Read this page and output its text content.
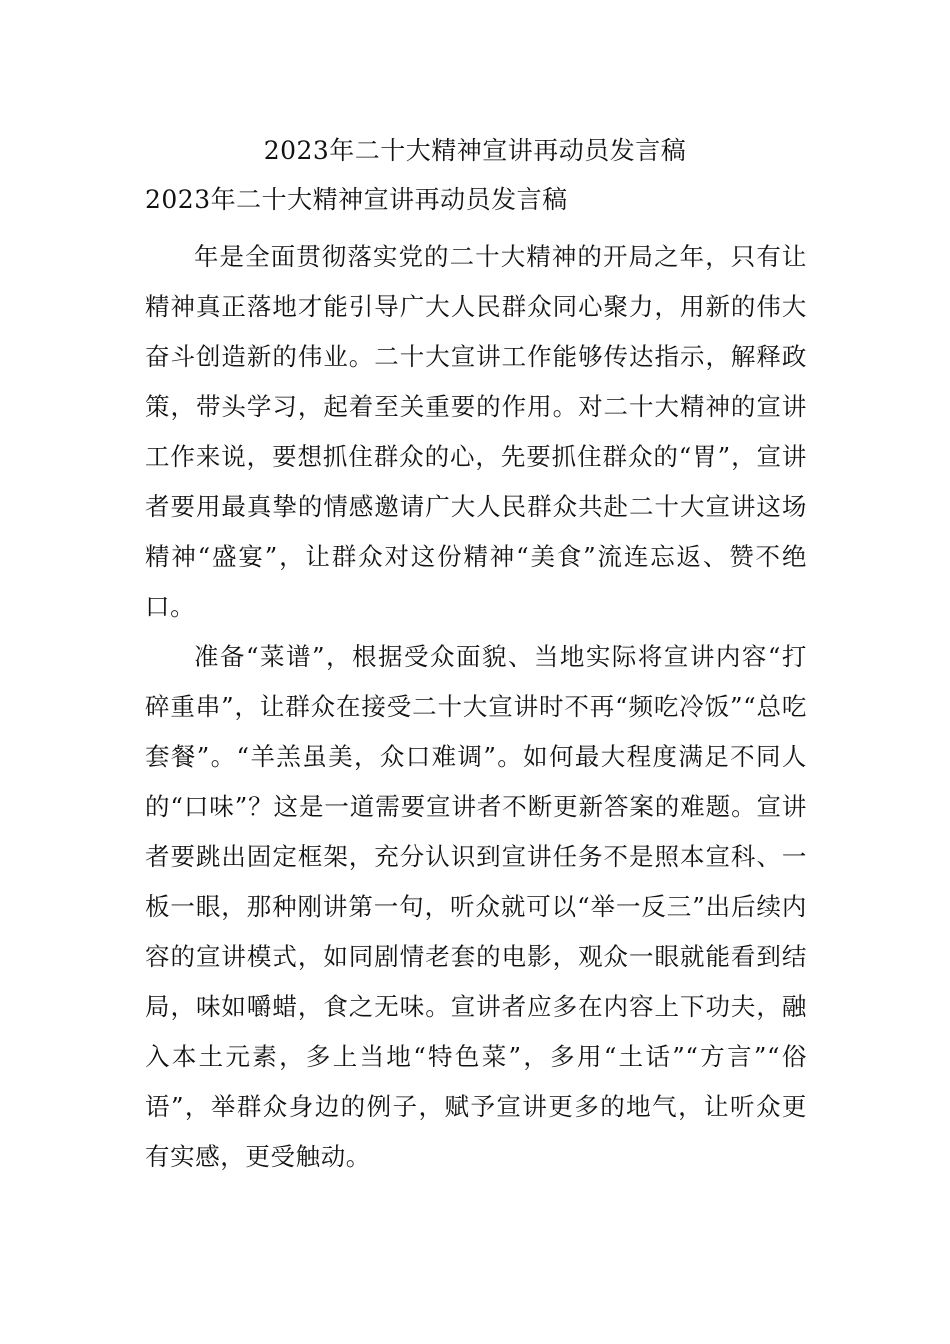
2023年二十大精神宣讲再动员发言稿
2023年二十大精神宣讲再动员发言稿

年是全面贯彻落实党的二十大精神的开局之年，只有让精神真正落地才能引导广大人民群众同心聚力，用新的伟大奋斗创造新的伟业。二十大宣讲工作能够传达指示，解释政策，带头学习，起着至关重要的作用。对二十大精神的宣讲工作来说，要想抓住群众的心，先要抓住群众的“胃”，宣讲者要用最真挚的情感邀请广大人民群众共赴二十大宣讲这场精神“盛宴”，让群众对这份精神“美食”流连忘返、赞不绝口。

准备“菜谱”，根据受众面貌、当地实际将宣讲内容“打碎重串”，让群众在接受二十大宣讲时不再“频吃冷饭”“总吃套餐”。“羊羔虽美，众口难调”。如何最大程度满足不同人的“口味”？这是一道需要宣讲者不断更新答案的难题。宣讲者要跳出固定框架，充分认识到宣讲任务不是照本宣科、一板一眼，那种刚讲第一句，听众就可以“举一反三”出后续内容的宣讲模式，如同剧情老套的电影，观众一眼就能看到结局，味如嚼蜡，食之无味。宣讲者应多在内容上下功夫，融入本土元素，多上当地“特色菜”，多用“土话”“方言”“俗语”，举群众身边的例子，赋予宣讲更多的地气，让听众更有实感，更受触动。
